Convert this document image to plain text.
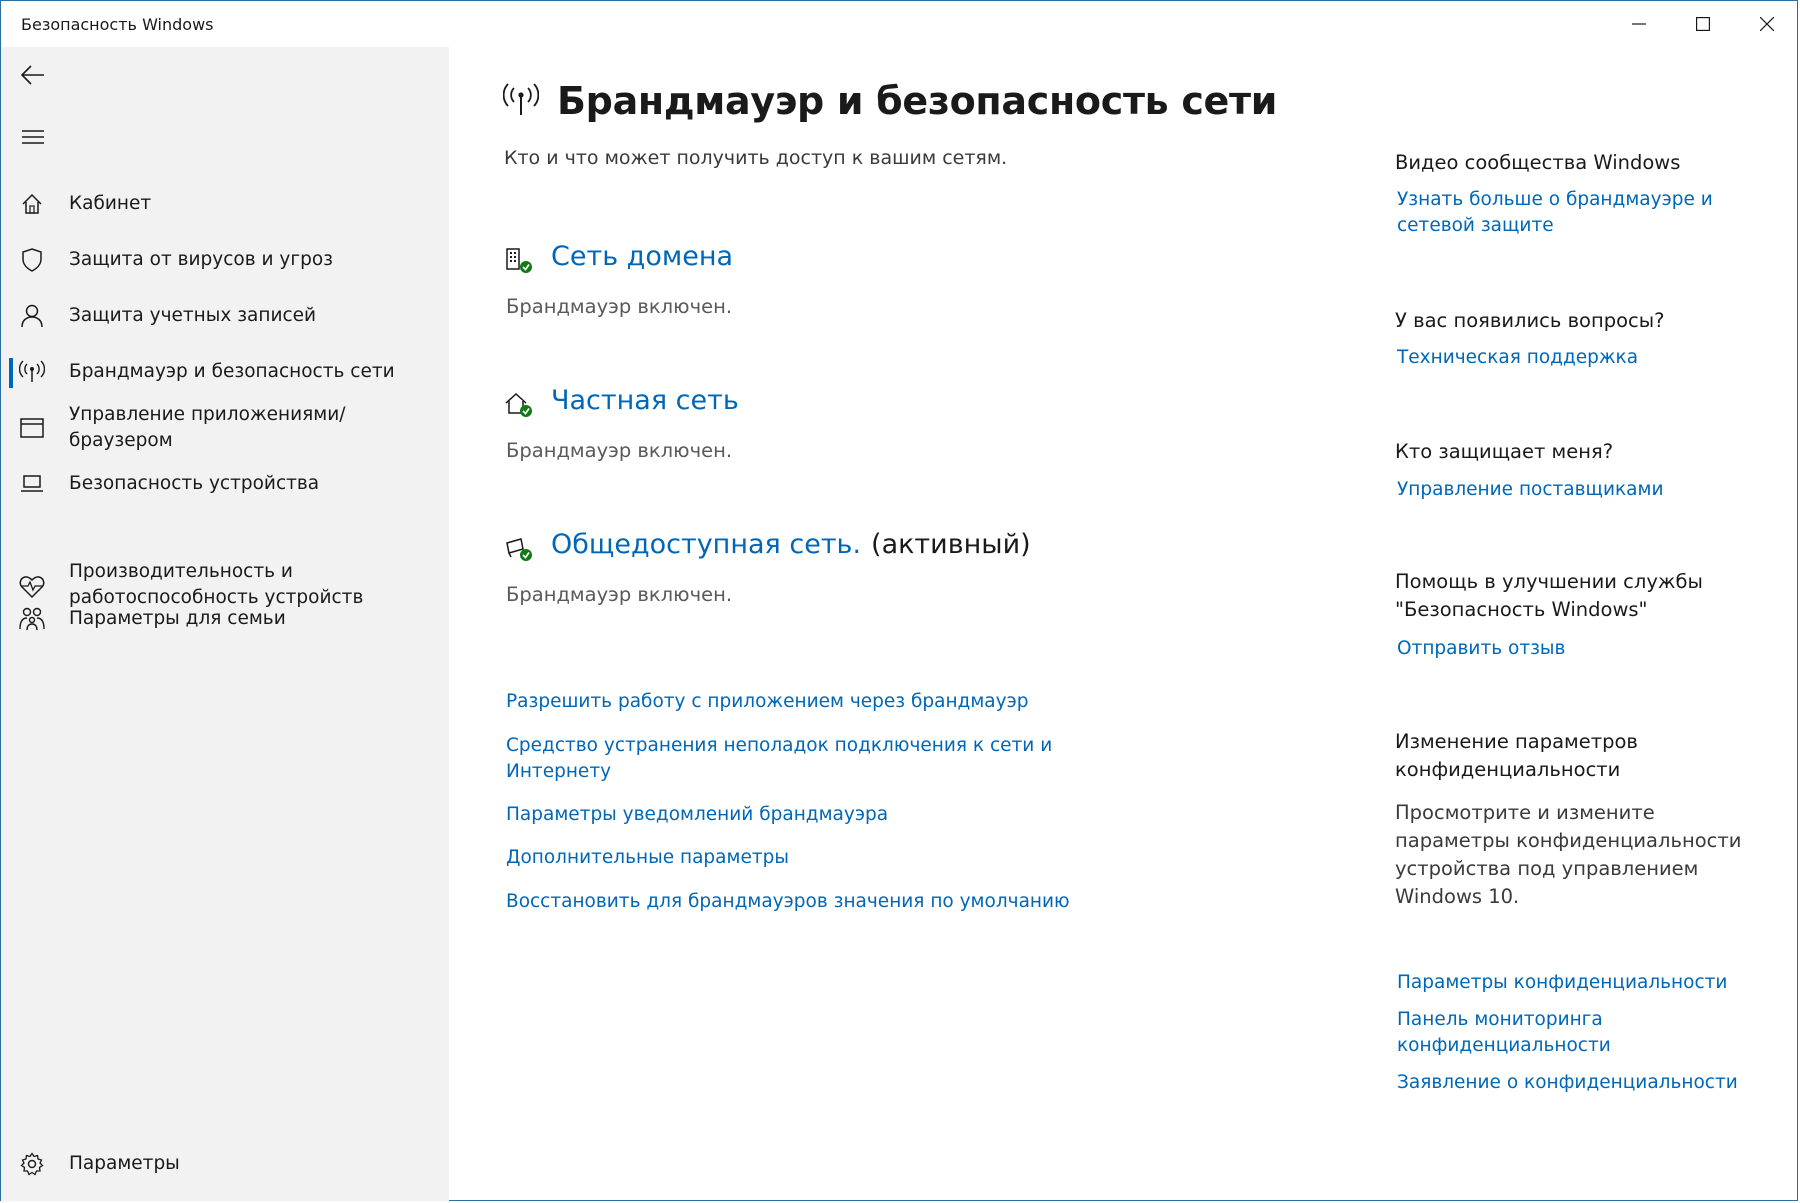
Безопасность Windows
Кабинет
Защита от вирусов и угроз
Защита учетных записей
Брандмауэр и безопасность сети
Управление приложениями/браузером
Безопасность устройства
Производительность и
работоспособность устройств
Параметры для семьи
Параметры
Брандмауэр и безопасность сети
Кто и что может получить доступ к вашим сетям.
Сеть домена
Брандмауэр включен.
Частная сеть
Брандмауэр включен.
Общедоступная сеть. (активный)
Брандмауэр включен.
Разрешить работу с приложением через брандмауэр
Средство устранения неполадок подключения к сети и
Интернету
Параметры уведомлений брандмауэра
Дополнительные параметры
Восстановить для брандмауэров значения по умолчанию
Видео сообщества Windows
Узнать больше о брандмауэре и
сетевой защите
У вас появились вопросы?
Техническая поддержка
Кто защищает меня?
Управление поставщиками
Помощь в улучшении службы
"Безопасность Windows"
Отправить отзыв
Изменение параметров
конфиденциальности
Просмотрите и измените
параметры конфиденциальности
устройства под управлением
Windows 10.
Параметры конфиденциальности
Панель мониторинга
конфиденциальности
Заявление о конфиденциальности
